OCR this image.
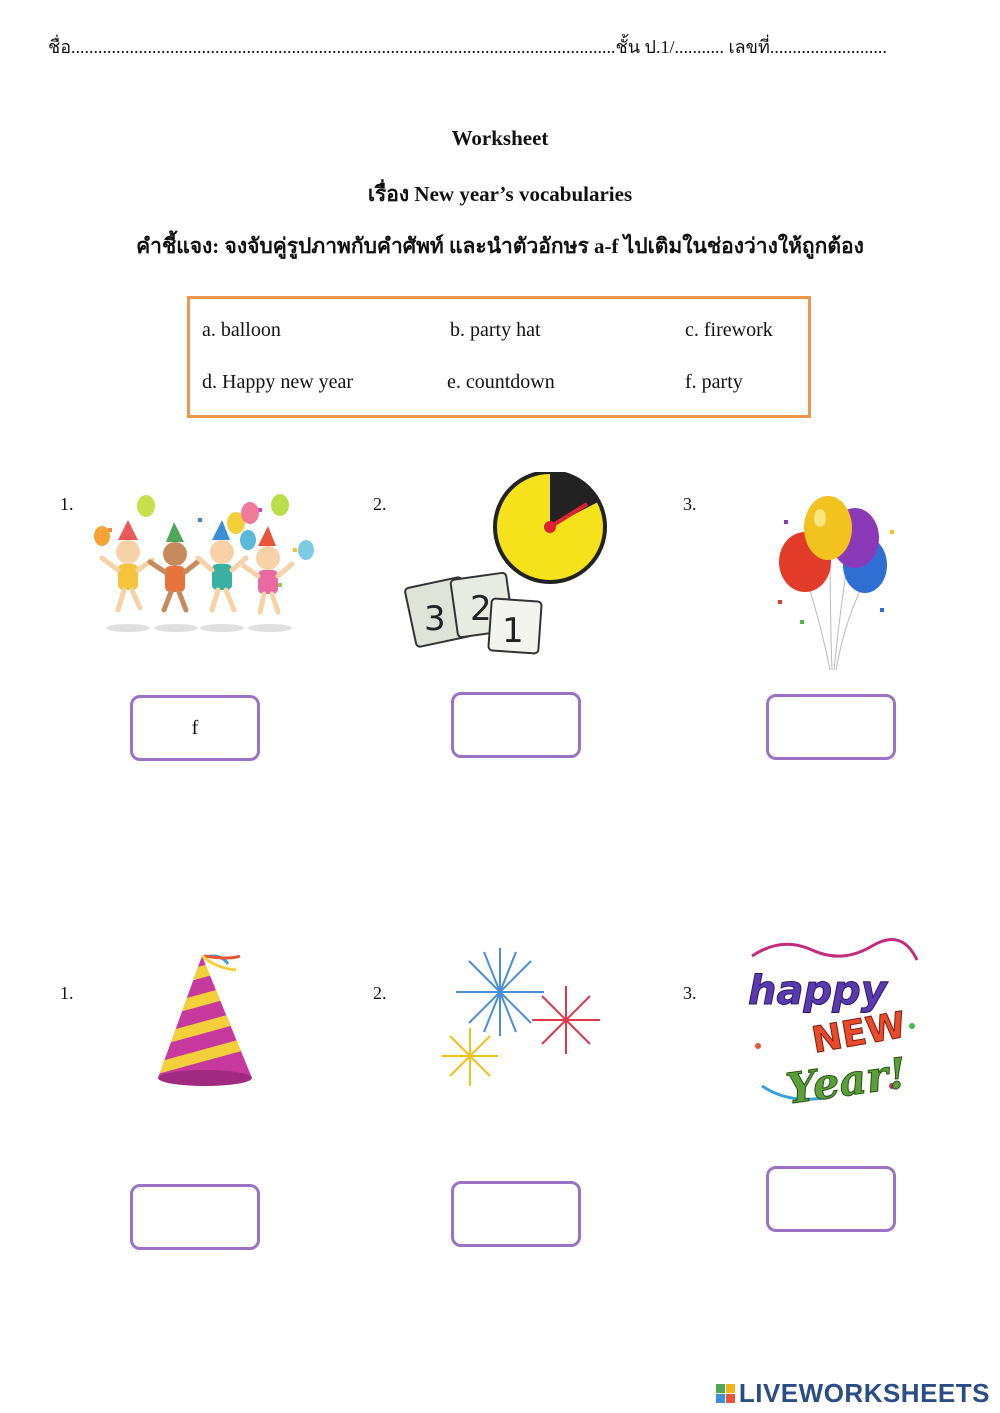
ชื่อ.........................................................................................................................ชั้น ป.1/........... เลขที่..........................
Worksheet
เรื่อง New year’s vocabularies
คำชี้แจง: จงจับคู่รูปภาพกับคำศัพท์ และนำตัวอักษร a-f ไปเติมในช่องว่างให้ถูกต้อง
a. balloon	b. party hat	c. firework
d. Happy new year	e. countdown	f. party
1.	2.	3.
3 2
1
f
1.	2.	3. happy
NEW
Year!
LIVEWORKSHEETS
